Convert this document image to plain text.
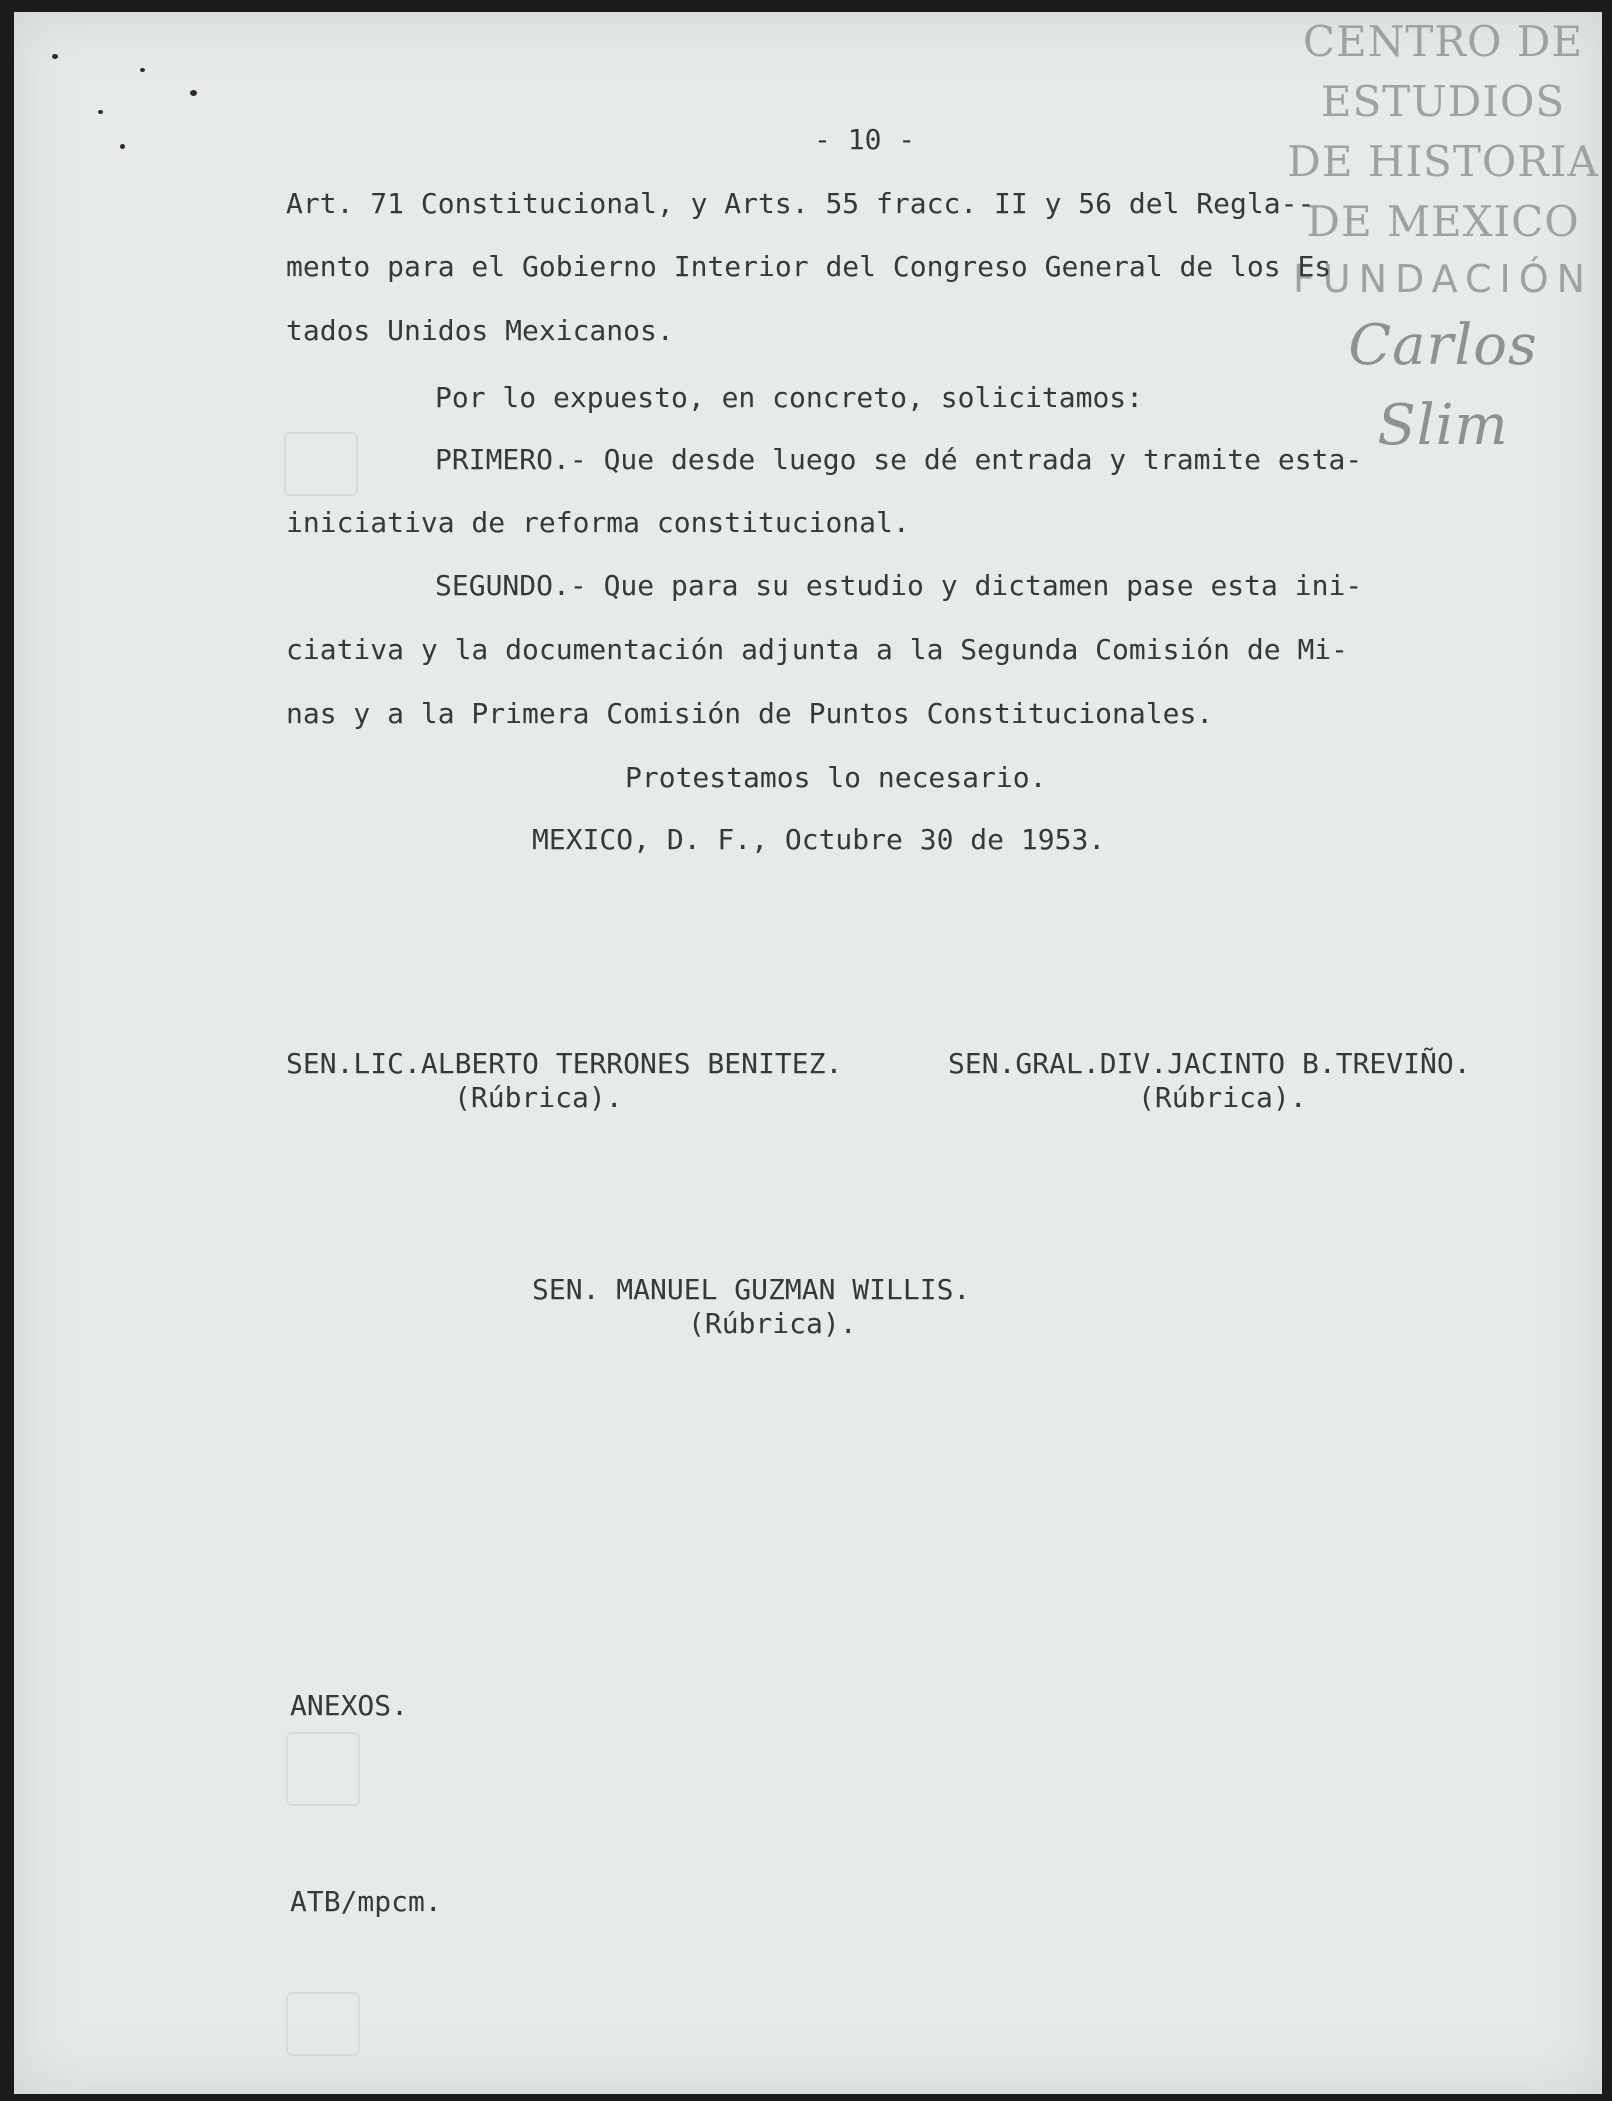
CENTRO DE
ESTUDIOS
DE HISTORIA
DE MEXICO
FUNDACIÓN
Carlos Slim
- 10 -
Art. 71 Constitucional, y Arts. 55 fracc. II y 56 del Regla--
mento para el Gobierno Interior del Congreso General de los Es
tados Unidos Mexicanos.
Por lo expuesto, en concreto, solicitamos:
PRIMERO.- Que desde luego se dé entrada y tramite esta-
iniciativa de reforma constitucional.
SEGUNDO.- Que para su estudio y dictamen pase esta ini-
ciativa y la documentación adjunta a la Segunda Comisión de Mi-
nas y a la Primera Comisión de Puntos Constitucionales.
Protestamos lo necesario.
MEXICO, D. F., Octubre 30 de 1953.
SEN.LIC.ALBERTO TERRONES BENITEZ.
(Rúbrica).
SEN.GRAL.DIV.JACINTO B.TREVIÑO.
(Rúbrica).
SEN. MANUEL GUZMAN WILLIS.
(Rúbrica).
ANEXOS.
ATB/mpcm.
